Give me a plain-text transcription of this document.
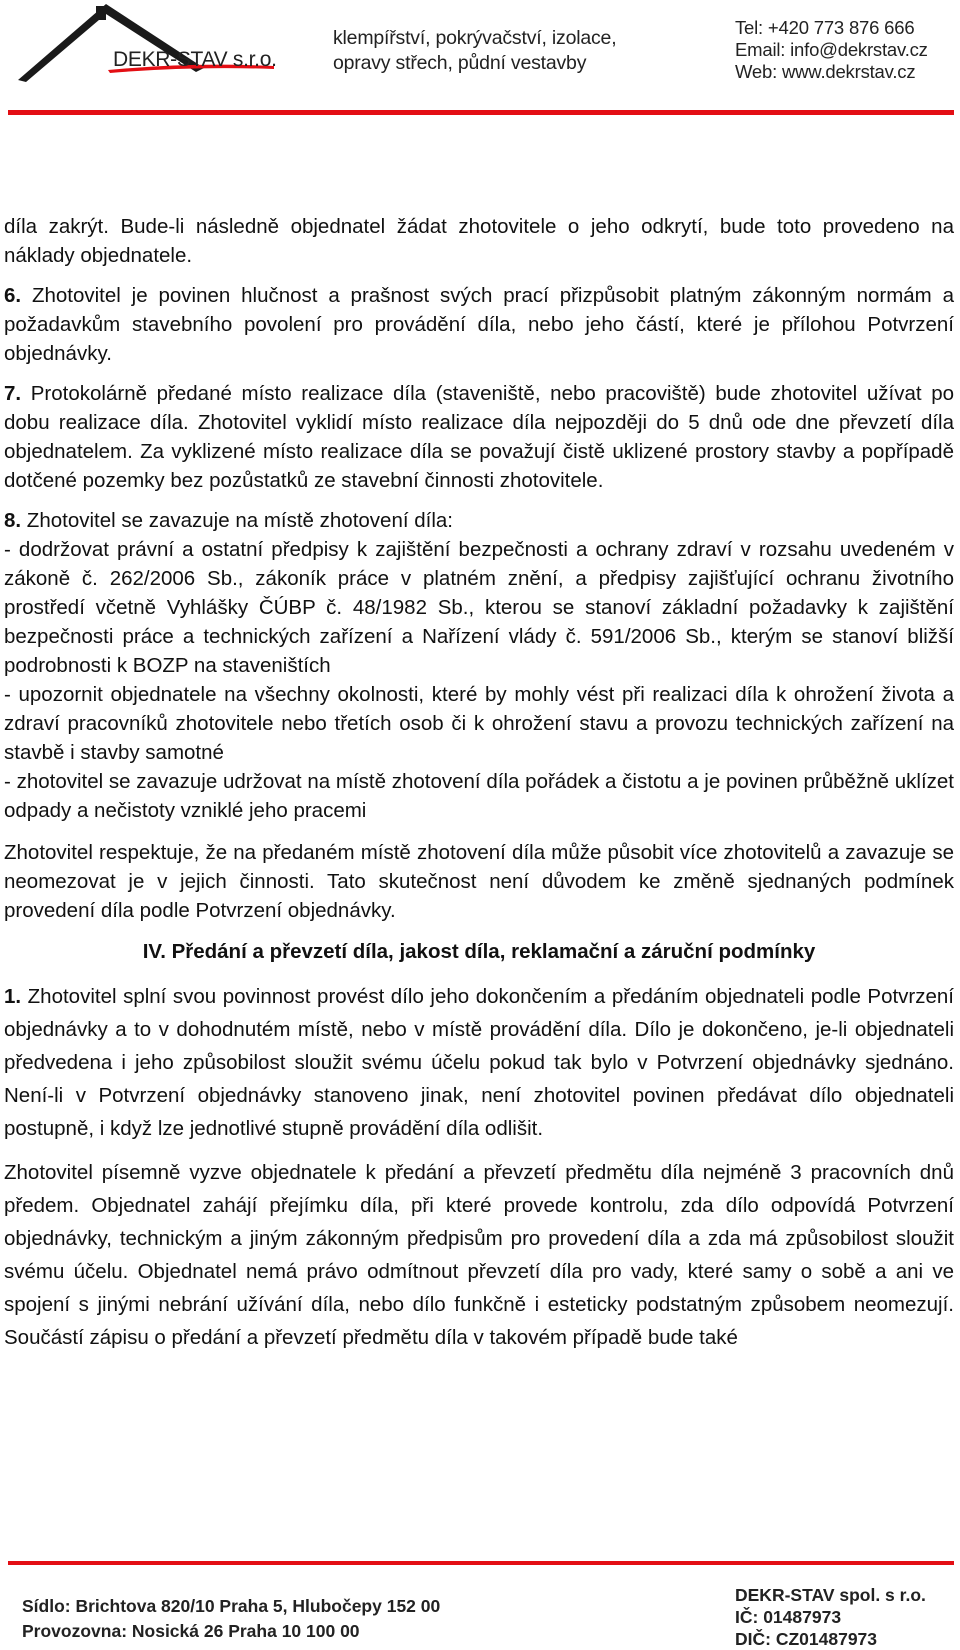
DEKR-STAV s.r.o.
klempířství, pokrývačství, izolace,
opravy střech, půdní vestavby
Tel: +420 773 876 666
Email: info@dekrstav.cz
Web: www.dekrstav.cz

díla zakrýt. Bude-li následně objednatel žádat zhotovitele o jeho odkrytí, bude toto provedeno na náklady objednatele.

6. Zhotovitel je povinen hlučnost a prašnost svých prací přizpůsobit platným zákonným normám a požadavkům stavebního povolení pro provádění díla, nebo jeho částí, které je přílohou Potvrzení objednávky.

7. Protokolárně předané místo realizace díla (staveniště, nebo pracoviště) bude zhotovitel užívat po dobu realizace díla. Zhotovitel vyklidí místo realizace díla nejpozději do 5 dnů ode dne převzetí díla objednatelem. Za vyklizené místo realizace díla se považují čistě uklizené prostory stavby a popřípadě dotčené pozemky bez pozůstatků ze stavební činnosti zhotovitele.

8. Zhotovitel se zavazuje na místě zhotovení díla:

- dodržovat právní a ostatní předpisy k zajištění bezpečnosti a ochrany zdraví v rozsahu uvedeném v zákoně č. 262/2006 Sb., zákoník práce v platném znění, a předpisy zajišťující ochranu životního prostředí včetně Vyhlášky ČÚBP č. 48/1982 Sb., kterou se stanoví základní požadavky k zajištění bezpečnosti práce a technických zařízení a Nařízení vlády č. 591/2006 Sb., kterým se stanoví bližší podrobnosti k BOZP na staveništích

- upozornit objednatele na všechny okolnosti, které by mohly vést při realizaci díla k ohrožení života a zdraví pracovníků zhotovitele nebo třetích osob či k ohrožení stavu a provozu technických zařízení na stavbě i stavby samotné

- zhotovitel se zavazuje udržovat na místě zhotovení díla pořádek a čistotu a je povinen průběžně uklízet odpady a nečistoty vzniklé jeho pracemi

Zhotovitel respektuje, že na předaném místě zhotovení díla může působit více zhotovitelů a zavazuje se neomezovat je v jejich činnosti. Tato skutečnost není důvodem ke změně sjednaných podmínek provedení díla podle Potvrzení objednávky.

IV. Předání a převzetí díla, jakost díla, reklamační a záruční podmínky

1. Zhotovitel splní svou povinnost provést dílo jeho dokončením a předáním objednateli podle Potvrzení objednávky a to v dohodnutém místě, nebo v místě provádění díla. Dílo je dokončeno, je-li objednateli předvedena i jeho způsobilost sloužit svému účelu pokud tak bylo v Potvrzení objednávky sjednáno. Není-li v Potvrzení objednávky stanoveno jinak, není zhotovitel povinen předávat dílo objednateli postupně, i když lze jednotlivé stupně provádění díla odlišit.

Zhotovitel písemně vyzve objednatele k předání a převzetí předmětu díla nejméně 3 pracovních dnů předem. Objednatel zahájí přejímku díla, při které provede kontrolu, zda dílo odpovídá Potvrzení objednávky, technickým a jiným zákonným předpisům pro provedení díla a zda má způsobilost sloužit svému účelu. Objednatel nemá právo odmítnout převzetí díla pro vady, které samy o sobě a ani ve spojení s jinými nebrání užívání díla, nebo dílo funkčně i esteticky podstatným způsobem neomezují. Součástí zápisu o předání a převzetí předmětu díla v takovém případě bude také

Sídlo: Brichtova 820/10 Praha 5, Hlubočepy 152 00
Provozovna: Nosická 26 Praha 10 100 00
DEKR-STAV spol. s r.o.
IČ: 01487973
DIČ: CZ01487973
